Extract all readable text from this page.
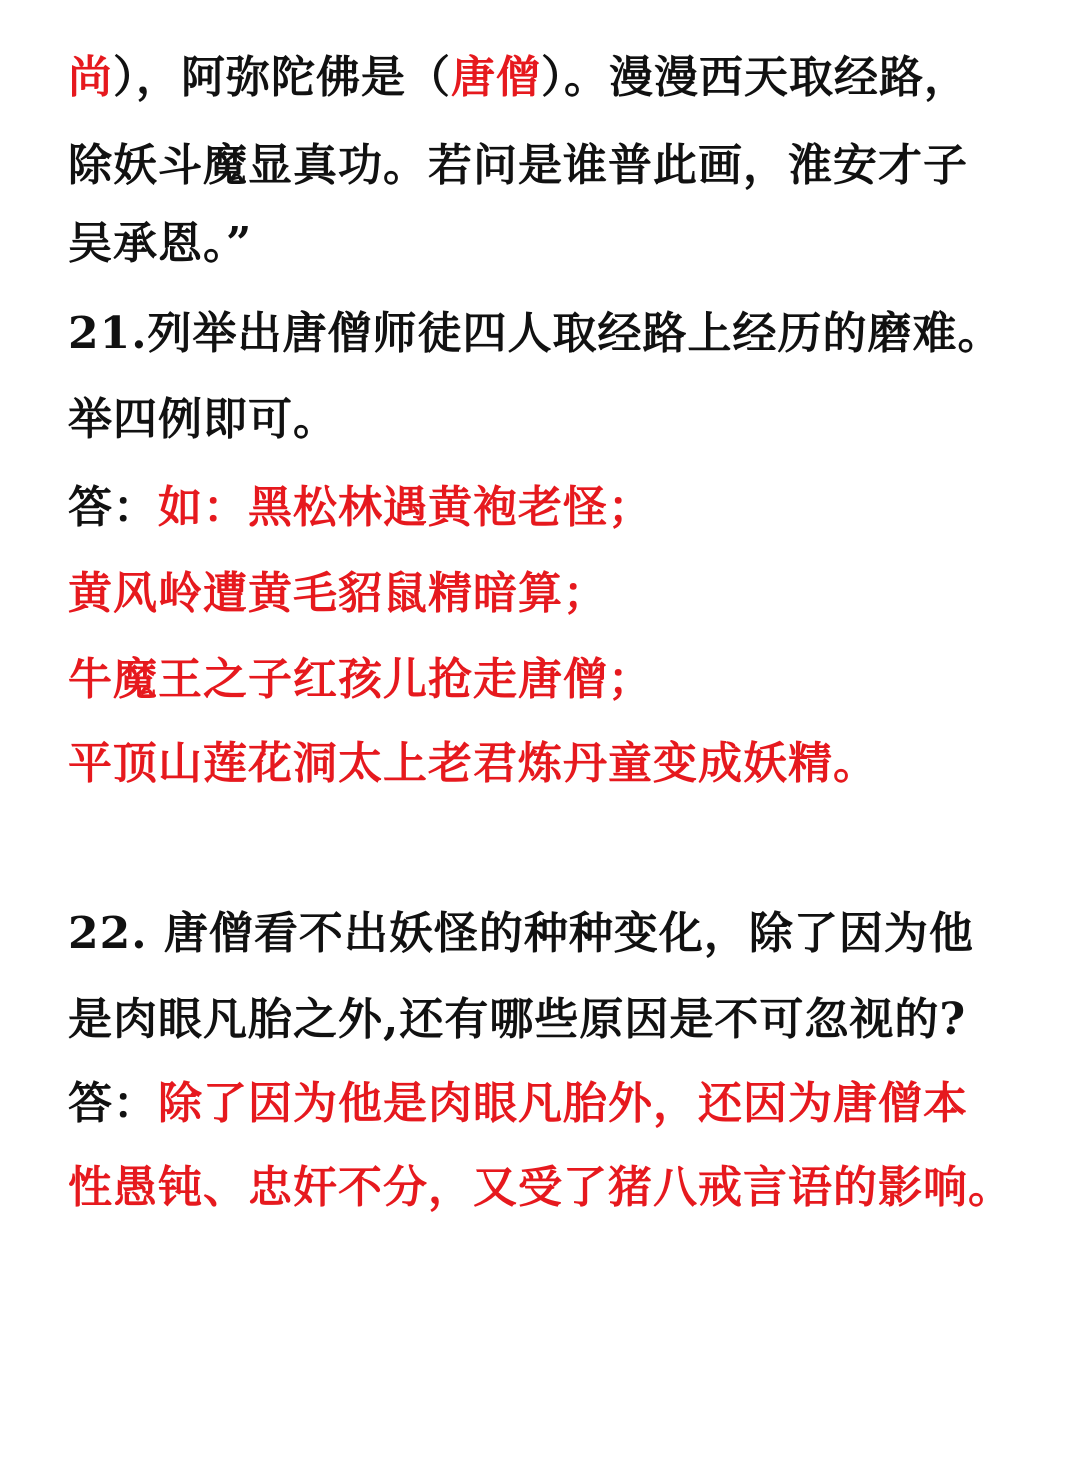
尚），阿弥陀佛是（唐僧）。漫漫西天取经路，
除妖斗魔显真功。若问是谁普此画，淮安才子
吴承恩。”
21.列举出唐僧师徒四人取经路上经历的磨难。
举四例即可。
答：如：黑松林遇黄袍老怪；
黄风岭遭黄毛貂鼠精暗算；
牛魔王之子红孩儿抢走唐僧；
平顶山莲花洞太上老君炼丹童变成妖精。
22. 唐僧看不出妖怪的种种变化，除了因为他
是肉眼凡胎之外,还有哪些原因是不可忽视的?
答：除了因为他是肉眼凡胎外，还因为唐僧本
性愚钝、忠奸不分，又受了猪八戒言语的影响。
